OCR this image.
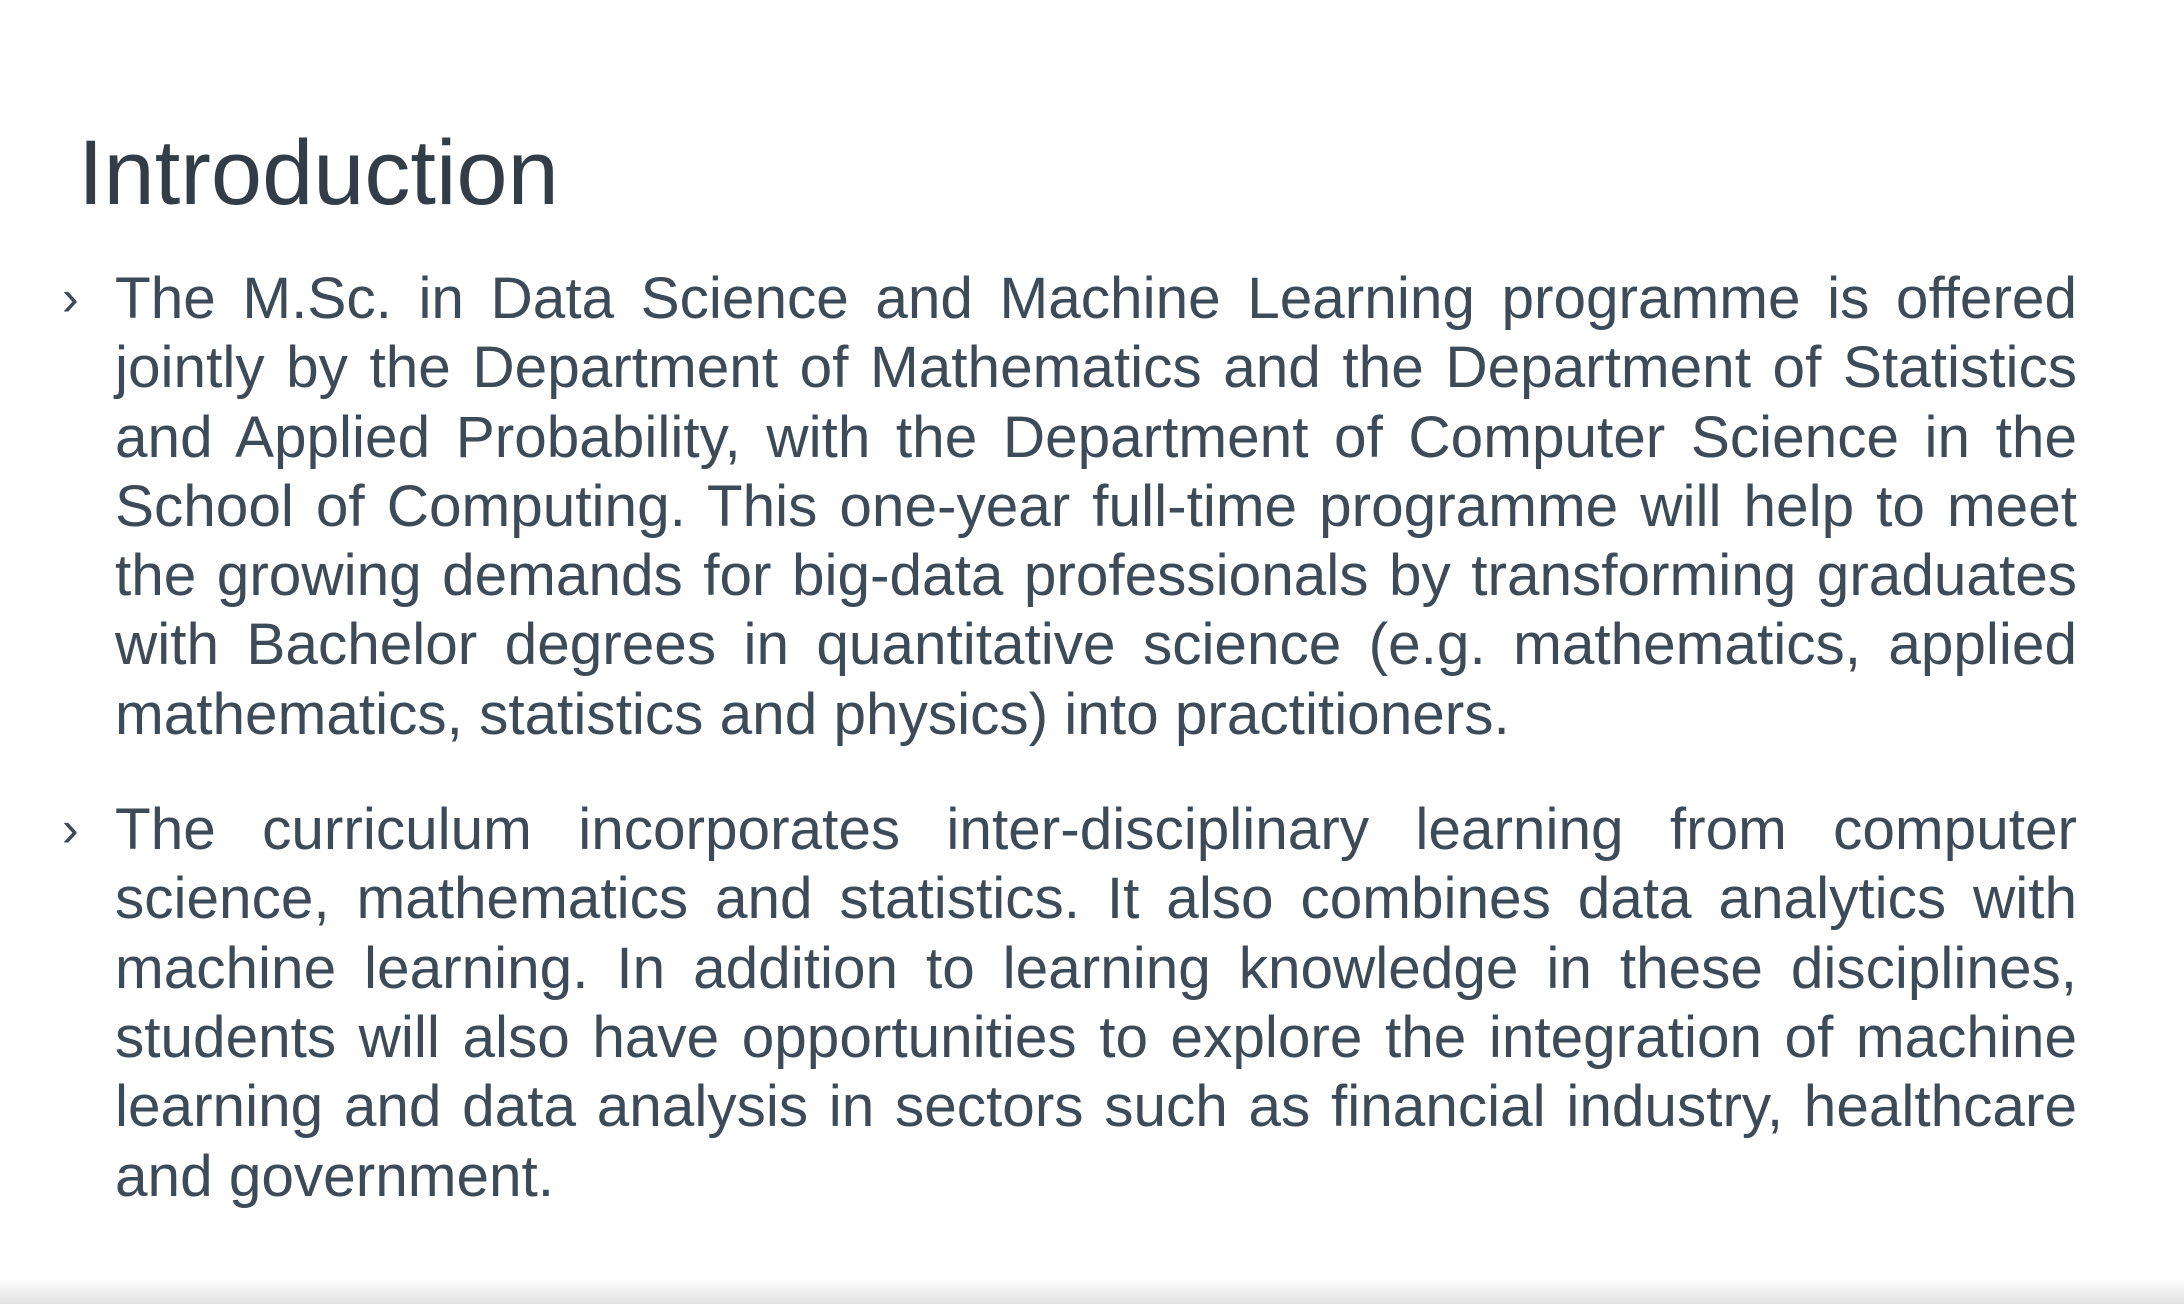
Introduction
› The M.Sc. in Data Science and Machine Learning programme is offered jointly by the Department of Mathematics and the Department of Statistics and Applied Probability, with the Department of Computer Science in the School of Computing. This one-year full-time programme will help to meet the growing demands for big-data professionals by transforming graduates with Bachelor degrees in quantitative science (e.g. mathematics, applied mathematics, statistics and physics) into practitioners.
› The curriculum incorporates inter-disciplinary learning from computer science, mathematics and statistics. It also combines data analytics with machine learning. In addition to learning knowledge in these disciplines, students will also have opportunities to explore the integration of machine learning and data analysis in sectors such as financial industry, healthcare and government.
